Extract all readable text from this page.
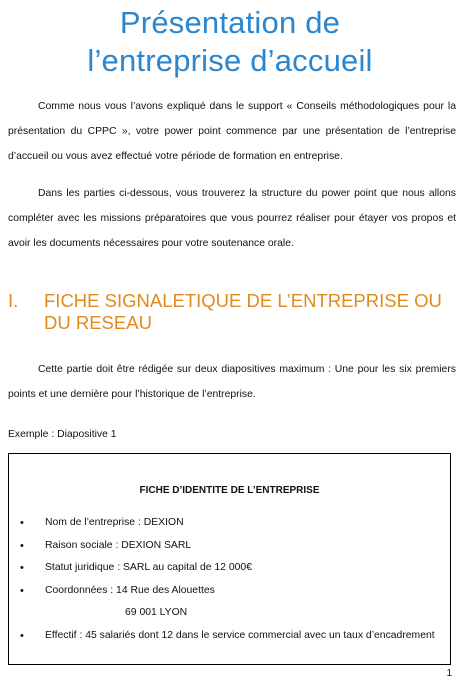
Présentation de
l’entreprise d’accueil

Comme nous vous l’avons expliqué dans le support « Conseils méthodologiques pour la présentation du CPPC », votre power point commence par une présentation de l’entreprise d’accueil ou vous avez effectué votre période de formation en entreprise.

Dans les parties ci-dessous, vous trouverez la structure du power point que nous allons compléter avec les missions préparatoires que vous pourrez réaliser pour étayer vos propos et avoir les documents nécessaires pour votre soutenance orale.

I.	FICHE SIGNALETIQUE DE L’ENTREPRISE OU DU RESEAU

Cette partie doit être rédigée sur deux diapositives maximum : Une pour les six premiers points et une dernière pour l’historique de l’entreprise.

Exemple : Diapositive 1
FICHE D’IDENTITE DE L’ENTREPRISE
• Nom de l’entreprise : DEXION
• Raison sociale : DEXION SARL
• Statut juridique : SARL au capital de 12 000€
• Coordonnées : 14 Rue des Alouettes
69 001 LYON
• Effectif : 45 salariés dont 12 dans le service commercial avec un taux d’encadrement
1
